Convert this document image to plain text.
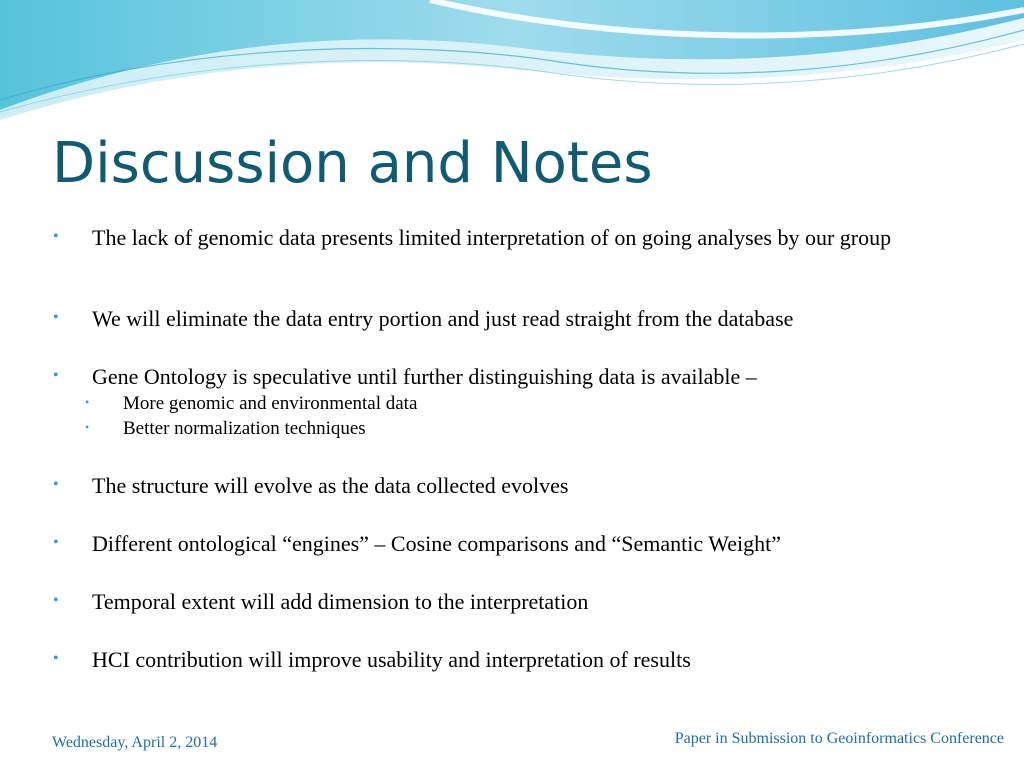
Discussion and Notes
• The lack of genomic data presents limited interpretation of on going analyses by our group
• We will eliminate the data entry portion and just read straight from the database
• Gene Ontology is speculative until further distinguishing data is available –
• More genomic and environmental data
• Better normalization techniques
• The structure will evolve as the data collected evolves
• Different ontological “engines” – Cosine comparisons and “Semantic Weight”
• Temporal extent will add dimension to the interpretation
• HCI contribution will improve usability and interpretation of results
Wednesday, April 2, 2014	Paper in Submission to Geoinformatics Conference
